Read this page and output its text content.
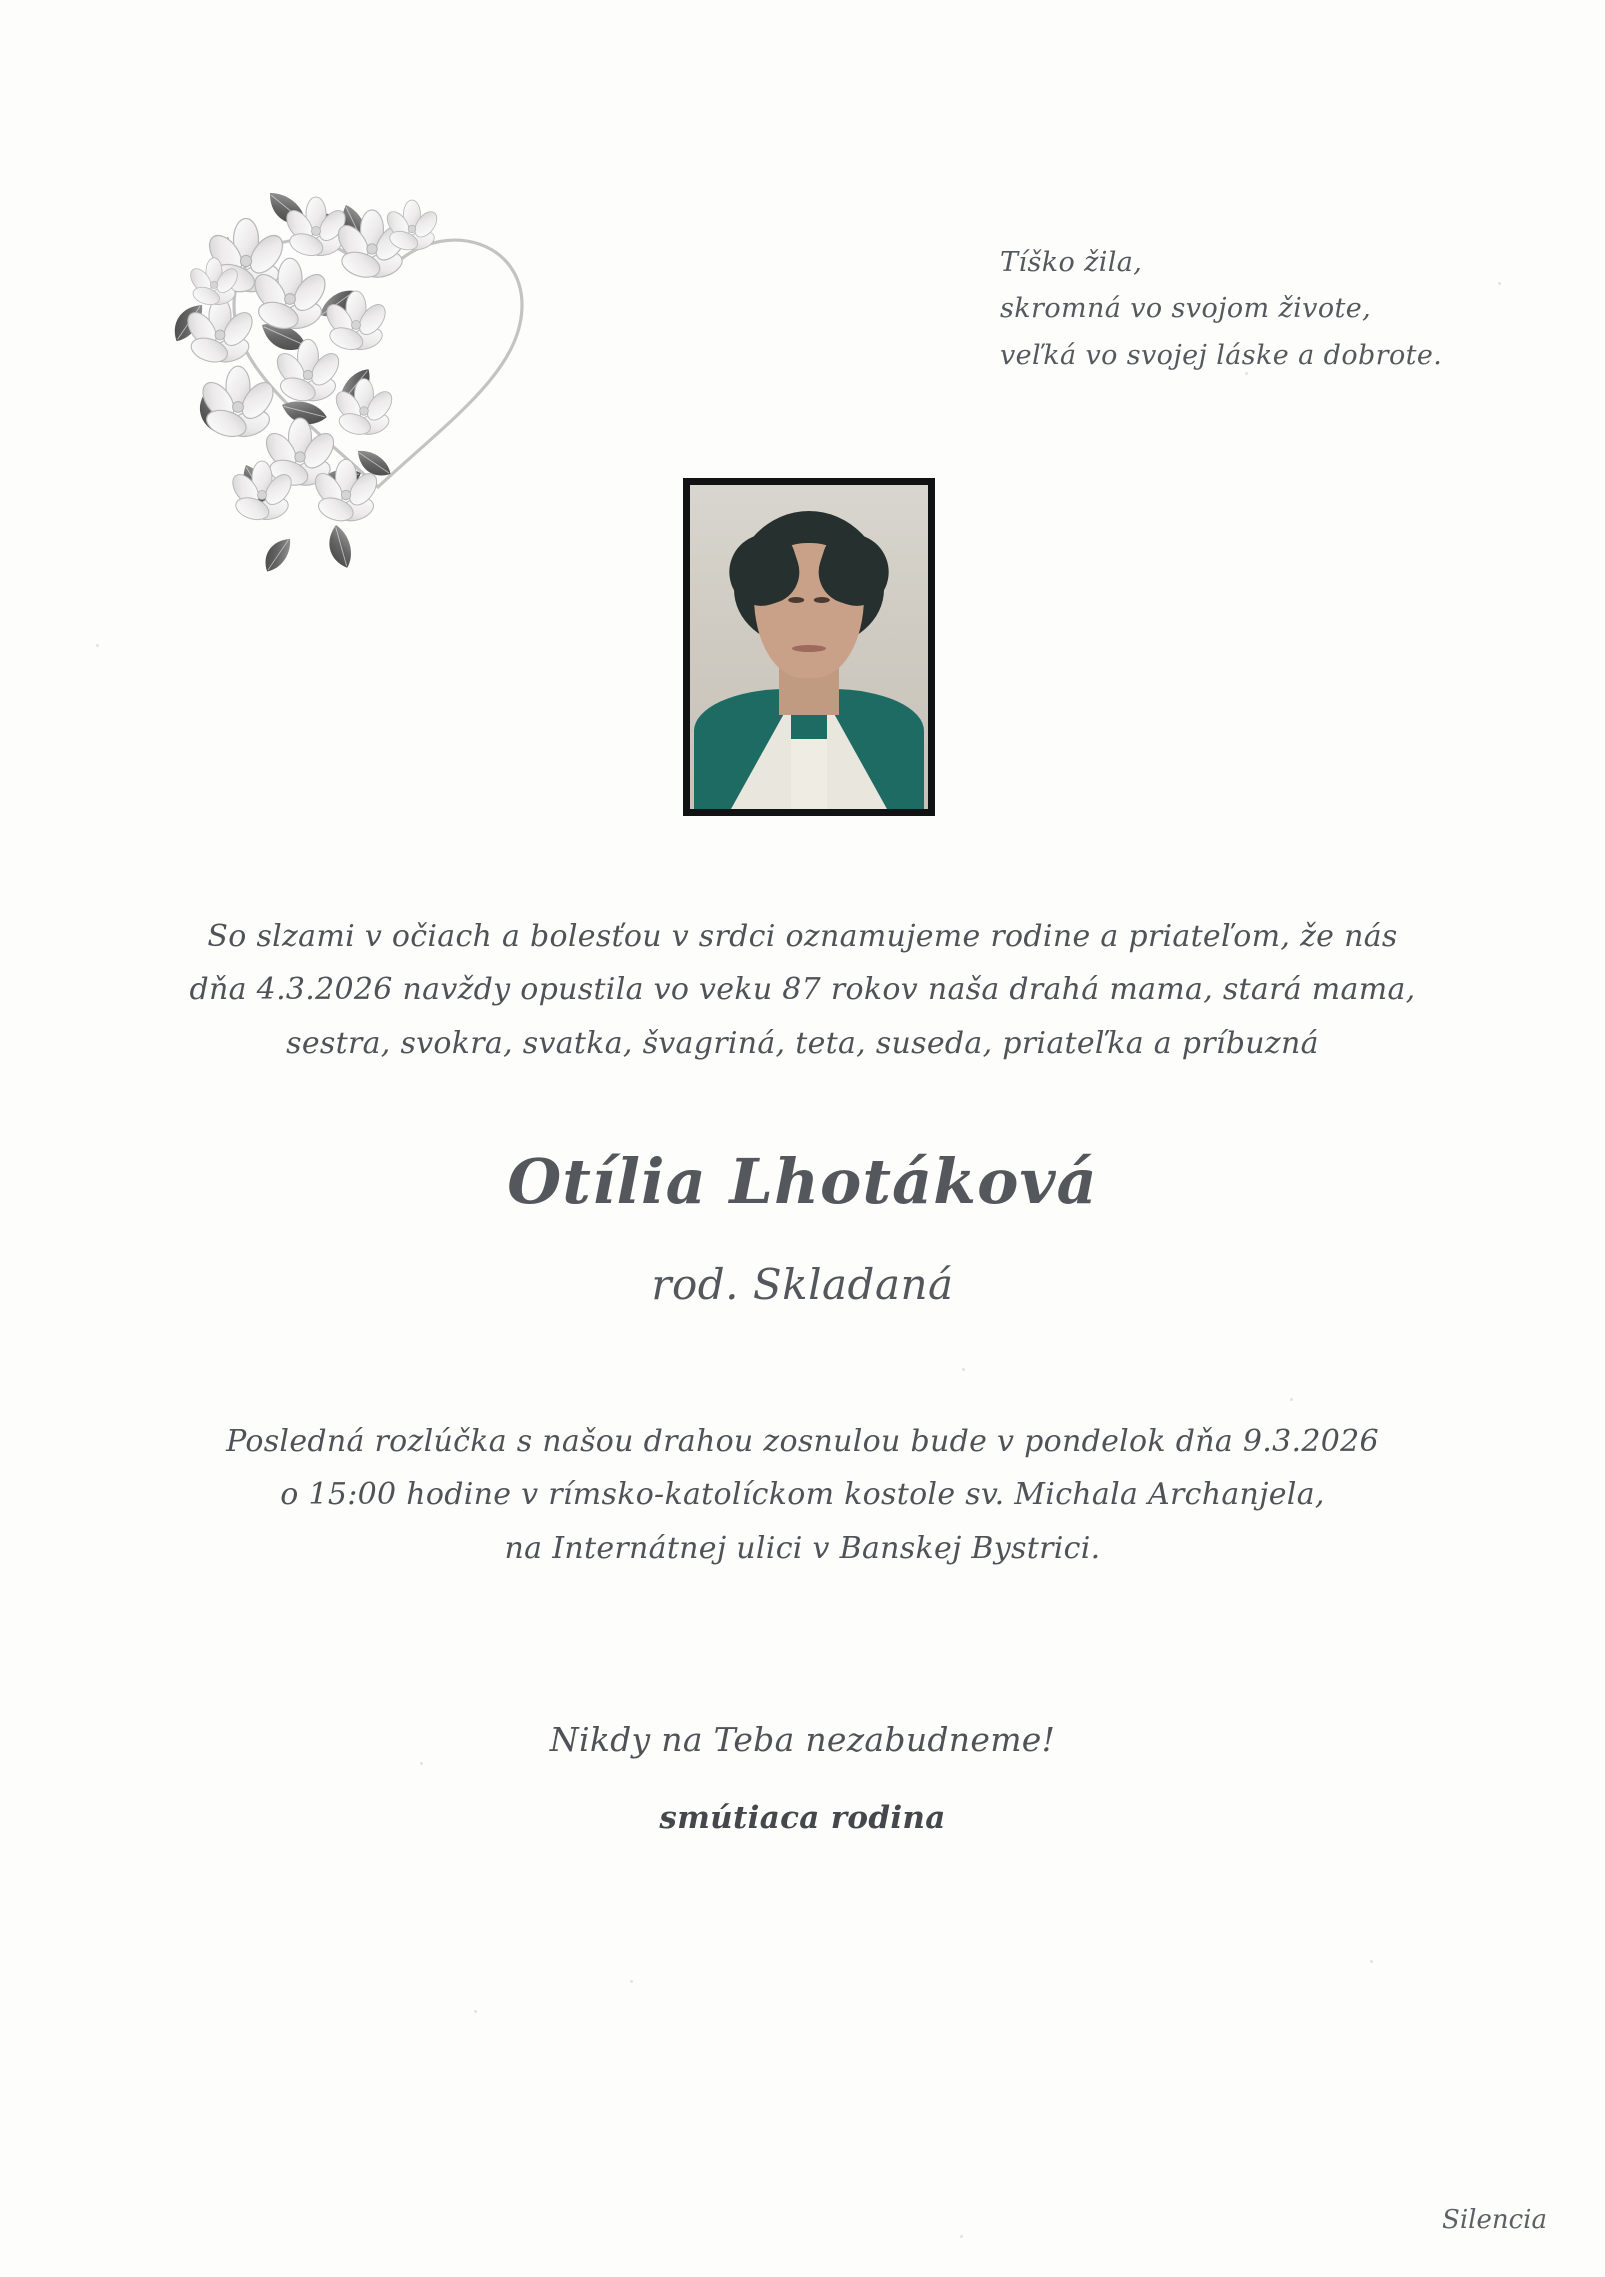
Tíško žila,
skromná vo svojom živote,
veľká vo svojej láske a dobrote.
So slzami v očiach a bolesťou v srdci oznamujeme rodine a priateľom, že nás
dňa 4.3.2026 navždy opustila vo veku 87 rokov naša drahá mama, stará mama,
sestra, svokra, svatka, švagriná, teta, suseda, priateľka a príbuzná
Otília Lhotáková
rod. Skladaná
Posledná rozlúčka s našou drahou zosnulou bude v pondelok dňa 9.3.2026
o 15:00 hodine v rímsko-katolíckom kostole sv. Michala Archanjela,
na Internátnej ulici v Banskej Bystrici.
Nikdy na Teba nezabudneme!
smútiaca rodina
Silencia
